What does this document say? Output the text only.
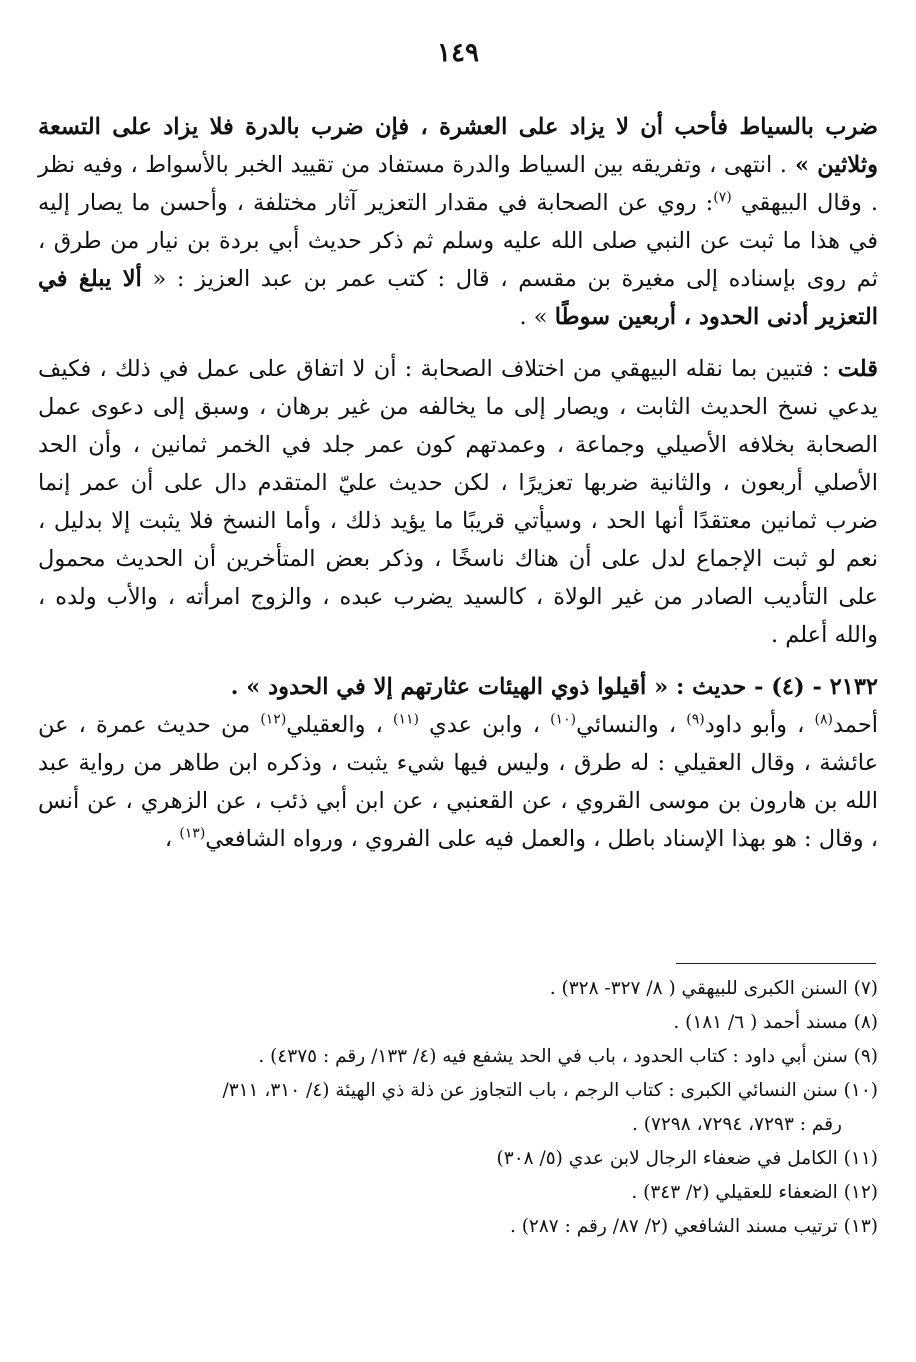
١٤٩

ضرب بالسياط فأحب أن لا يزاد على العشرة ، فإن ضرب بالدرة فلا يزاد على التسعة وثلاثين » . انتهى ، وتفريقه بين السياط والدرة مستفاد من تقييد الخبر بالأسواط ، وفيه نظر . وقال البيهقي $^{(٧)}$: روي عن الصحابة في مقدار التعزير آثار مختلفة ، وأحسن ما يصار إليه في هذا ما ثبت عن النبي صلى الله عليه وسلم ثم ذكر حديث أبي بردة بن نيار من طرق ، ثم روى بإسناده إلى مغيرة بن مقسم ، قال : كتب عمر بن عبد العزيز : « ألا يبلغ في التعزير أدنى الحدود ، أربعين سوطًا » .

قلت : فتبين بما نقله البيهقي من اختلاف الصحابة : أن لا اتفاق على عمل في ذلك ، فكيف يدعي نسخ الحديث الثابت ، ويصار إلى ما يخالفه من غير برهان ، وسبق إلى دعوى عمل الصحابة بخلافه الأصيلي وجماعة ، وعمدتهم كون عمر جلد في الخمر ثمانين ، وأن الحد الأصلي أربعون ، والثانية ضربها تعزيرًا ، لكن حديث عليّ المتقدم دال على أن عمر إنما ضرب ثمانين معتقدًا أنها الحد ، وسيأتي قريبًا ما يؤيد ذلك ، وأما النسخ فلا يثبت إلا بدليل ، نعم لو ثبت الإجماع لدل على أن هناك ناسخًا ، وذكر بعض المتأخرين أن الحديث محمول على التأديب الصادر من غير الولاة ، كالسيد يضرب عبده ، والزوج امرأته ، والأب ولده ، والله أعلم .

٢١٣٢ - (٤) - حديث : « أقيلوا ذوي الهيئات عثارتهم إلا في الحدود » .
أحمد$^{(٨)}$ ، وأبو داود$^{(٩)}$ ، والنسائي$^{(١٠)}$ ، وابن عدي $^{(١١)}$ ، والعقيلي$^{(١٢)}$ من حديث عمرة ، عن عائشة ، وقال العقيلي : له طرق ، وليس فيها شيء يثبت ، وذكره ابن طاهر من رواية عبد الله بن هارون بن موسى القروي ، عن القعنبي ، عن ابن أبي ذئب ، عن الزهري ، عن أنس ، وقال : هو بهذا الإسناد باطل ، والعمل فيه على الفروي ، ورواه الشافعي$^{(١٣)}$ ،

(٧) السنن الكبرى للبيهقي ( ٨/ ٣٢٧- ٣٢٨) .

(٨) مسند أحمد ( ٦/ ١٨١) .

(٩) سنن أبي داود : كتاب الحدود ، باب في الحد يشفع فيه (٤/ ١٣٣/ رقم : ٤٣٧٥) .

(١٠) سنن النسائي الكبرى : كتاب الرجم ، باب التجاوز عن ذلة ذي الهيئة (٤/ ٣١٠، ٣١١/

رقم : ٧٢٩٣، ٧٢٩٤، ٧٢٩٨) .

(١١) الكامل في ضعفاء الرجال لابن عدي (٥/ ٣٠٨)

(١٢) الضعفاء للعقيلي (٢/ ٣٤٣) .

(١٣) ترتيب مسند الشافعي (٢/ ٨٧/ رقم : ٢٨٧) .
